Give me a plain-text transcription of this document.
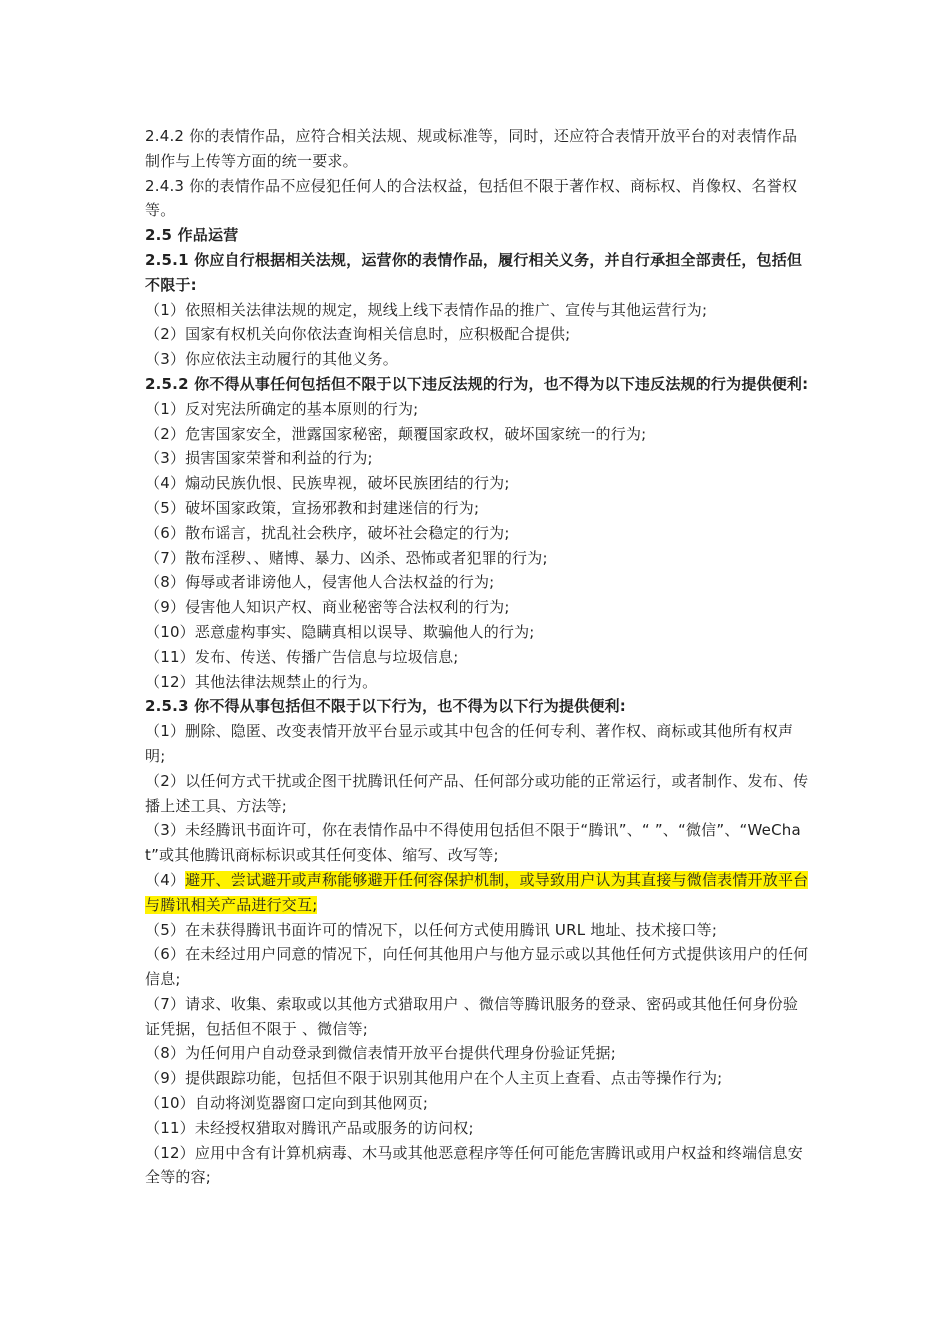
2.4.2 你的表情作品，应符合相关法规、规或标准等，同时，还应符合表情开放平台的对表情作品制作与上传等方面的统一要求。

2.4.3 你的表情作品不应侵犯任何人的合法权益，包括但不限于著作权、商标权、肖像权、名誉权等。

2.5 作品运营

2.5.1 你应自行根据相关法规，运营你的表情作品，履行相关义务，并自行承担全部责任，包括但不限于:

（1）依照相关法律法规的规定，规线上线下表情作品的推广、宣传与其他运营行为;

（2）国家有权机关向你依法查询相关信息时，应积极配合提供;

（3）你应依法主动履行的其他义务。

2.5.2 你不得从事任何包括但不限于以下违反法规的行为，也不得为以下违反法规的行为提供便利:

（1）反对宪法所确定的基本原则的行为;

（2）危害国家安全，泄露国家秘密，颠覆国家政权，破坏国家统一的行为;

（3）损害国家荣誉和利益的行为;

（4）煽动民族仇恨、民族卑视，破坏民族团结的行为;

（5）破坏国家政策，宣扬邪教和封建迷信的行为;

（6）散布谣言，扰乱社会秩序，破坏社会稳定的行为;

（7）散布淫秽、、赌博、暴力、凶杀、恐怖或者犯罪的行为;

（8）侮辱或者诽谤他人，侵害他人合法权益的行为;

（9）侵害他人知识产权、商业秘密等合法权利的行为;

（10）恶意虚构事实、隐瞒真相以误导、欺骗他人的行为;

（11）发布、传送、传播广告信息与垃圾信息;

（12）其他法律法规禁止的行为。

2.5.3 你不得从事包括但不限于以下行为，也不得为以下行为提供便利:

（1）删除、隐匿、改变表情开放平台显示或其中包含的任何专利、著作权、商标或其他所有权声明;

（2）以任何方式干扰或企图干扰腾讯任何产品、任何部分或功能的正常运行，或者制作、发布、传播上述工具、方法等;

（3）未经腾讯书面许可，你在表情作品中不得使用包括但不限于“腾讯”、“ ”、“微信”、“WeChat”或其他腾讯商标标识或其任何变体、缩写、改写等;

（4）避开、尝试避开或声称能够避开任何容保护机制，或导致用户认为其直接与微信表情开放平台与腾讯相关产品进行交互;

（5）在未获得腾讯书面许可的情况下，以任何方式使用腾讯 URL 地址、技术接口等;

（6）在未经过用户同意的情况下，向任何其他用户与他方显示或以其他任何方式提供该用户的任何信息;

（7）请求、收集、索取或以其他方式猎取用户 、微信等腾讯服务的登录、密码或其他任何身份验证凭据，包括但不限于 、微信等;

（8）为任何用户自动登录到微信表情开放平台提供代理身份验证凭据;

（9）提供跟踪功能，包括但不限于识别其他用户在个人主页上查看、点击等操作行为;

（10）自动将浏览器窗口定向到其他网页;

（11）未经授权猎取对腾讯产品或服务的访问权;

（12）应用中含有计算机病毒、木马或其他恶意程序等任何可能危害腾讯或用户权益和终端信息安全等的容;
